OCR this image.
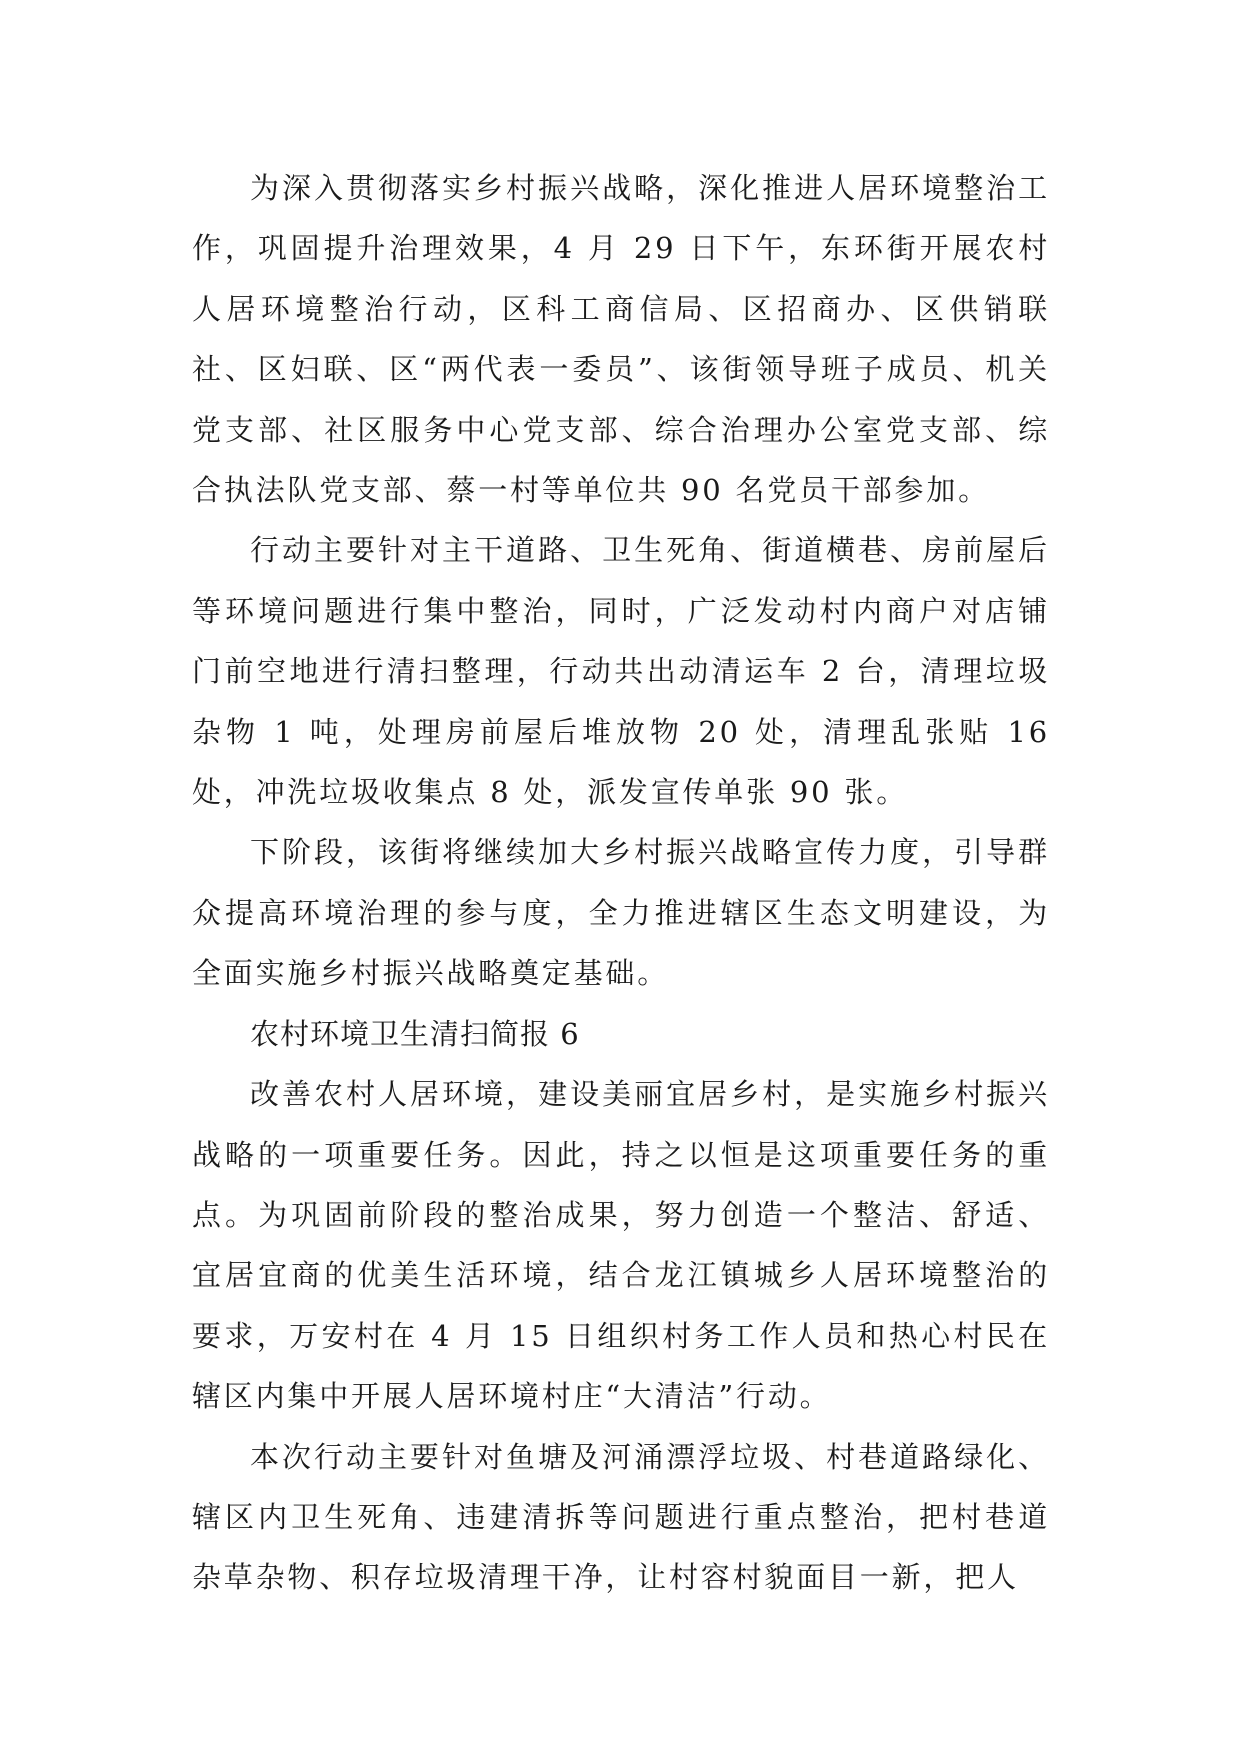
为深入贯彻落实乡村振兴战略，深化推进人居环境整治工作，巩固提升治理效果，4 月 29 日下午，东环街开展农村人居环境整治行动，区科工商信局、区招商办、区供销联社、区妇联、区“两代表一委员”、该街领导班子成员、机关党支部、社区服务中心党支部、综合治理办公室党支部、综合执法队党支部、蔡一村等单位共 90 名党员干部参加。

行动主要针对主干道路、卫生死角、街道横巷、房前屋后等环境问题进行集中整治，同时，广泛发动村内商户对店铺门前空地进行清扫整理，行动共出动清运车 2 台，清理垃圾杂物 1 吨，处理房前屋后堆放物 20 处，清理乱张贴 16 处，冲洗垃圾收集点 8 处，派发宣传单张 90 张。

下阶段，该街将继续加大乡村振兴战略宣传力度，引导群众提高环境治理的参与度，全力推进辖区生态文明建设，为全面实施乡村振兴战略奠定基础。

农村环境卫生清扫简报 6

改善农村人居环境，建设美丽宜居乡村，是实施乡村振兴战略的一项重要任务。因此，持之以恒是这项重要任务的重点。为巩固前阶段的整治成果，努力创造一个整洁、舒适、宜居宜商的优美生活环境，结合龙江镇城乡人居环境整治的要求，万安村在 4 月 15 日组织村务工作人员和热心村民在辖区内集中开展人居环境村庄“大清洁”行动。

本次行动主要针对鱼塘及河涌漂浮垃圾、村巷道路绿化、辖区内卫生死角、违建清拆等问题进行重点整治，把村巷道杂草杂物、积存垃圾清理干净，让村容村貌面目一新，把人
